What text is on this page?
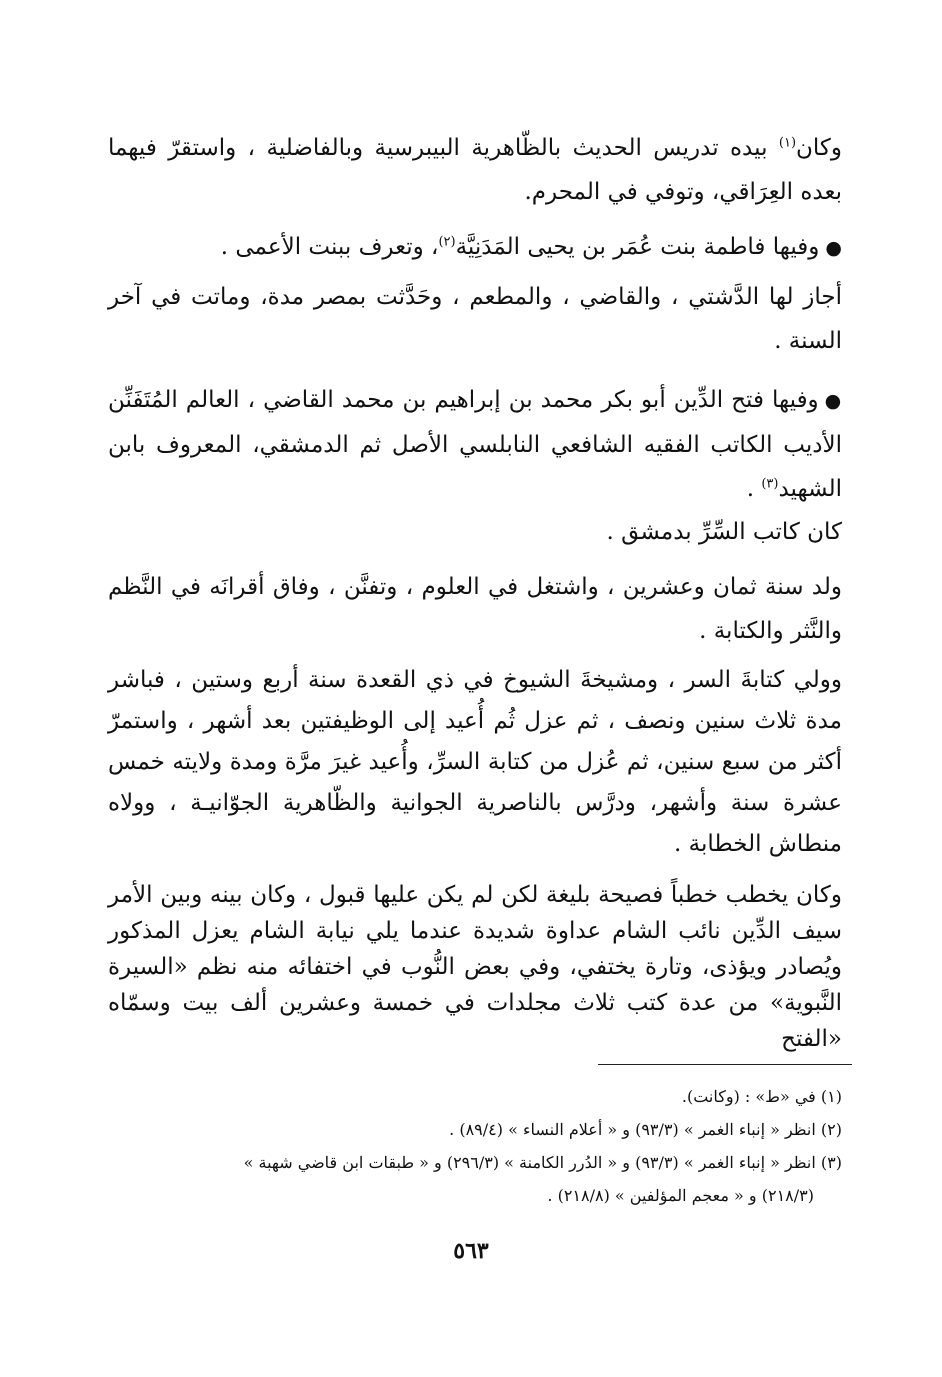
وكان$^{(١)}$ بيده تدريس الحديث بالظّاهرية البيبرسية وبالفاضلية ، واستقرّ فيهما بعده العِرَاقي، وتوفي في المحرم.

● وفيها فاطمة بنت عُمَر بن يحيى المَدَنِيَّة$^{(٢)}$، وتعرف ببنت الأعمى .

أجاز لها الدَّشتي ، والقاضي ، والمطعم ، وحَدَّثت بمصر مدة، وماتت في آخر السنة .

● وفيها فتح الدِّين أبو بكر محمد بن إبراهيم بن محمد القاضي ، العالم المُتَفَنِّن الأديب الكاتب الفقيه الشافعي النابلسي الأصل ثم الدمشقي، المعروف بابن الشهيد$^{(٣)}$ .

كان كاتب السِّرِّ بدمشق .

ولد سنة ثمان وعشرين ، واشتغل في العلوم ، وتفنَّن ، وفاق أقرانَه في النَّظم والنَّثر والكتابة .

وولي كتابةَ السر ، ومشيخةَ الشيوخ في ذي القعدة سنة أربع وستين ، فباشر مدة ثلاث سنين ونصف ، ثم عزل ثُم أُعيد إلى الوظيفتين بعد أشهر ، واستمرّ أكثر من سبع سنين، ثم عُزل من كتابة السرِّ، وأُعيد غيرَ مرَّة ومدة ولايته خمس عشرة سنة وأشهر، ودرَّس بالناصرية الجوانية والظّاهرية الجوّانيـة ، وولاه منطاش الخطابة .

وكان يخطب خطباً فصيحة بليغة لكن لم يكن عليها قبول ، وكان بينه وبين الأمر سيف الدِّين نائب الشام عداوة شديدة عندما يلي نيابة الشام يعزل المذكور ويُصادر ويؤذى، وتارة يختفي، وفي بعض النُّوب في اختفائه منه نظم «السيرة النَّبوية» من عدة كتب ثلاث مجلدات في خمسة وعشرين ألف بيت وسمّاه «الفتح

(١) في «ط» : (وكانت).

(٢) انظر « إنباء الغمر » (٩٣/٣) و « أعلام النساء » (٨٩/٤) .

(٣) انظر « إنباء الغمر » (٩٣/٣) و « الدُرر الكامنة » (٢٩٦/٣) و « طبقات ابن قاضي شهبة »

(٢١٨/٣) و « معجم المؤلفين » (٢١٨/٨) .

٥٦٣
